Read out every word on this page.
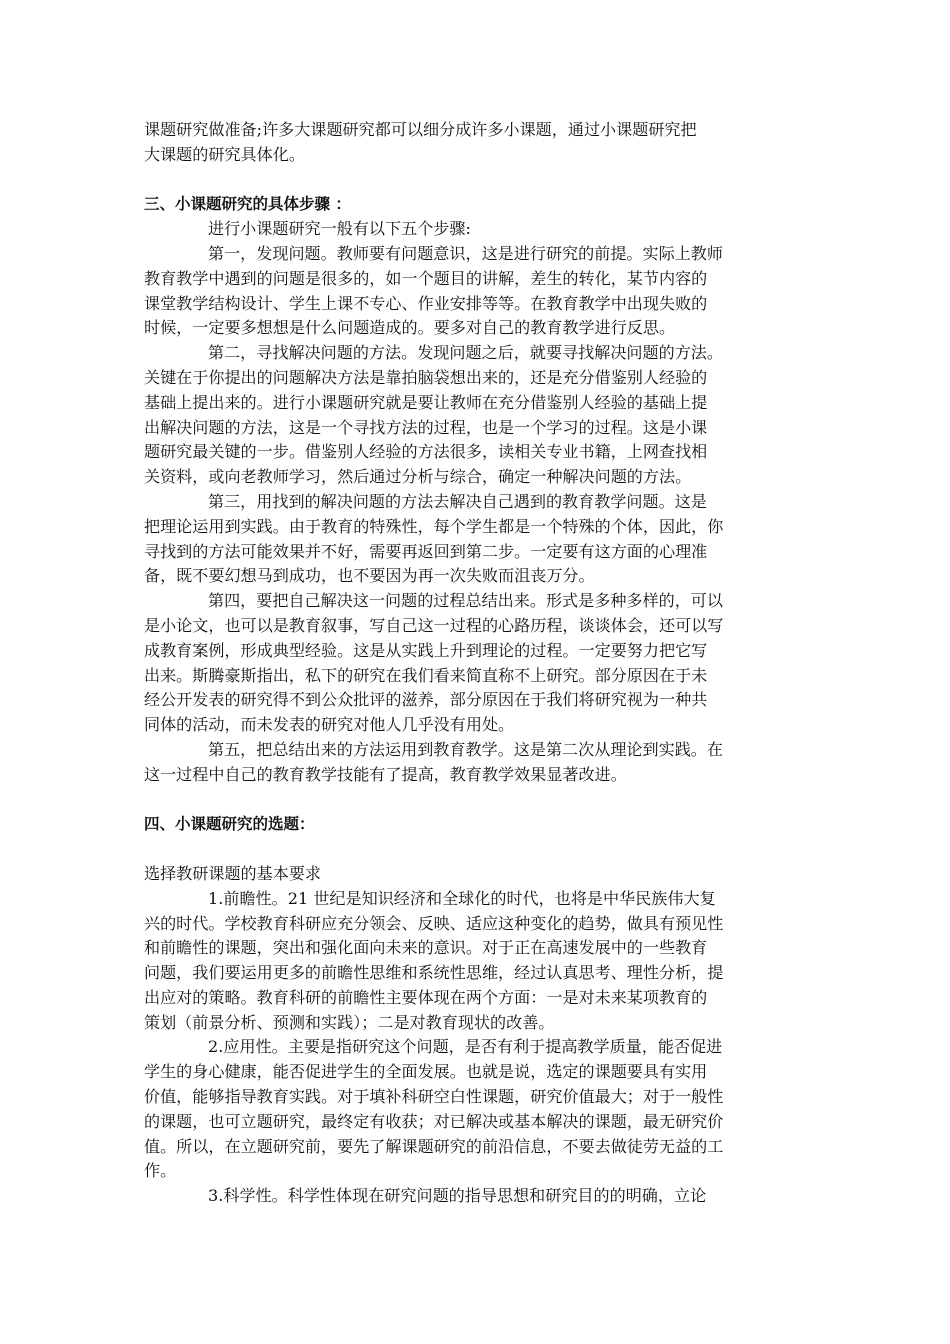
课题研究做准备;许多大课题研究都可以细分成许多小课题，通过小课题研究把
大课题的研究具体化。
三、小课题研究的具体步骤 ：
进行小课题研究一般有以下五个步骤:
第一，发现问题。教师要有问题意识，这是进行研究的前提。实际上教师
教育教学中遇到的问题是很多的，如一个题目的讲解，差生的转化，某节内容的
课堂教学结构设计、学生上课不专心、作业安排等等。在教育教学中出现失败的
时候，一定要多想想是什么问题造成的。要多对自己的教育教学进行反思。
第二，寻找解决问题的方法。发现问题之后，就要寻找解决问题的方法。
关键在于你提出的问题解决方法是靠拍脑袋想出来的，还是充分借鉴别人经验的
基础上提出来的。进行小课题研究就是要让教师在充分借鉴别人经验的基础上提
出解决问题的方法，这是一个寻找方法的过程，也是一个学习的过程。这是小课
题研究最关键的一步。借鉴别人经验的方法很多，读相关专业书籍，上网查找相
关资料，或向老教师学习，然后通过分析与综合，确定一种解决问题的方法。
第三，用找到的解决问题的方法去解决自己遇到的教育教学问题。这是
把理论运用到实践。由于教育的特殊性，每个学生都是一个特殊的个体，因此，你
寻找到的方法可能效果并不好，需要再返回到第二步。一定要有这方面的心理准
备，既不要幻想马到成功，也不要因为再一次失败而沮丧万分。
第四，要把自己解决这一问题的过程总结出来。形式是多种多样的，可以
是小论文，也可以是教育叙事，写自己这一过程的心路历程，谈谈体会，还可以写
成教育案例，形成典型经验。这是从实践上升到理论的过程。一定要努力把它写
出来。斯腾豪斯指出，私下的研究在我们看来简直称不上研究。部分原因在于未
经公开发表的研究得不到公众批评的滋养，部分原因在于我们将研究视为一种共
同体的活动，而未发表的研究对他人几乎没有用处。
第五，把总结出来的方法运用到教育教学。这是第二次从理论到实践。在
这一过程中自己的教育教学技能有了提高，教育教学效果显著改进。
四、小课题研究的选题：
选择教研课题的基本要求
1.前瞻性。21 世纪是知识经济和全球化的时代，也将是中华民族伟大复
兴的时代。学校教育科研应充分领会、反映、适应这种变化的趋势，做具有预见性
和前瞻性的课题，突出和强化面向未来的意识。对于正在高速发展中的一些教育
问题，我们要运用更多的前瞻性思维和系统性思维，经过认真思考、理性分析，提
出应对的策略。教育科研的前瞻性主要体现在两个方面：一是对未来某项教育的
策划（前景分析、预测和实践）；二是对教育现状的改善。
2.应用性。主要是指研究这个问题，是否有利于提高教学质量，能否促进
学生的身心健康，能否促进学生的全面发展。也就是说，选定的课题要具有实用
价值，能够指导教育实践。对于填补科研空白性课题，研究价值最大；对于一般性
的课题，也可立题研究，最终定有收获；对已解决或基本解决的课题，最无研究价
值。所以，在立题研究前，要先了解课题研究的前沿信息，不要去做徒劳无益的工
作。
3.科学性。科学性体现在研究问题的指导思想和研究目的的明确，立论
